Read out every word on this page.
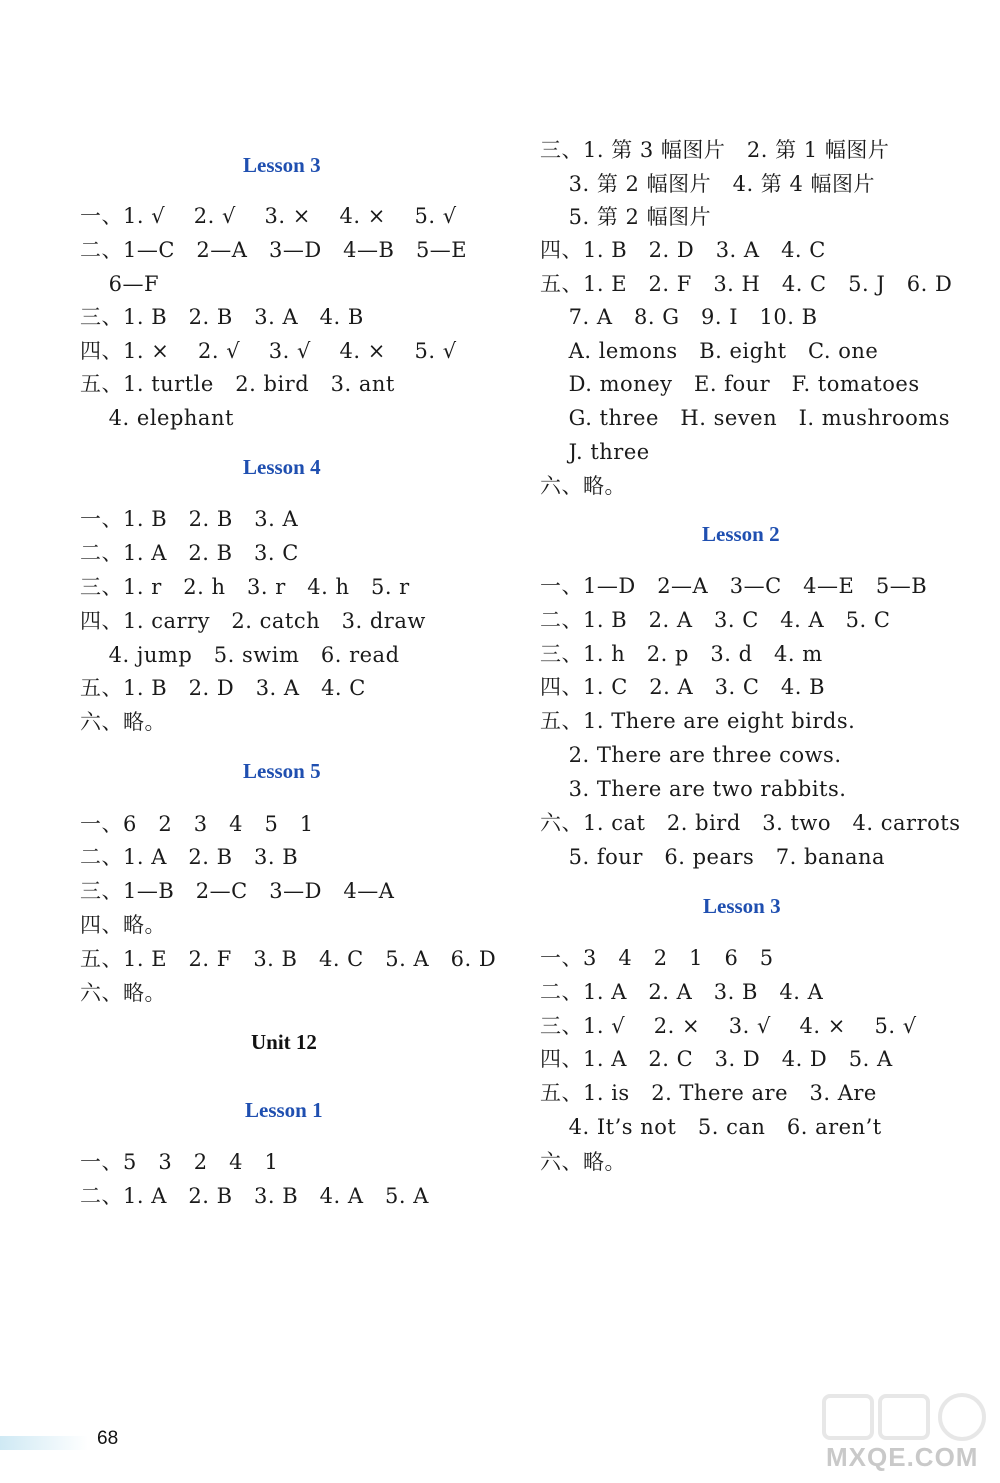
Lesson 3
一、1. √　 2. √　 3. ×　 4. ×　 5. √
二、1—C　2—A　3—D　4—B　5—E
　 6—F
三、1. B　2. B　3. A　4. B
四、1. ×　 2. √　 3. √　 4. ×　 5. √
五、1. turtle　2. bird　3. ant
　 4. elephant
Lesson 4
一、1. B　2. B　3. A
二、1. A　2. B　3. C
三、1. r　2. h　3. r　4. h　5. r
四、1. carry　2. catch　3. draw
　 4. jump　5. swim　6. read
五、1. B　2. D　3. A　4. C
六、略。
Lesson 5
一、6　2　3　4　5　1
二、1. A　2. B　3. B
三、1—B　2—C　3—D　4—A
四、略。
五、1. E　2. F　3. B　4. C　5. A　6. D
六、略。
Unit 12
Lesson 1
一、5　3　2　4　1
二、1. A　2. B　3. B　4. A　5. A
三、1. 第 3 幅图片　2. 第 1 幅图片
　 3. 第 2 幅图片　4. 第 4 幅图片
　 5. 第 2 幅图片
四、1. B　2. D　3. A　4. C
五、1. E　2. F　3. H　4. C　5. J　6. D
　 7. A　8. G　9. I　10. B
　 A. lemons　B. eight　C. one
　 D. money　E. four　F. tomatoes
　 G. three　H. seven　I. mushrooms
　 J. three
六、略。
Lesson 2
一、1—D　2—A　3—C　4—E　5—B
二、1. B　2. A　3. C　4. A　5. C
三、1. h　2. p　3. d　4. m
四、1. C　2. A　3. C　4. B
五、1. There are eight birds.
　 2. There are three cows.
　 3. There are two rabbits.
六、1. cat　2. bird　3. two　4. carrots
　 5. four　6. pears　7. banana
Lesson 3
一、3　4　2　1　6　5
二、1. A　2. A　3. B　4. A
三、1. √　 2. ×　 3. √　 4. ×　 5. √
四、1. A　2. C　3. D　4. D　5. A
五、1. is　2. There are　3. Are
　 4. It’s not　5. can　6. aren’t
六、略。
68
MXQE.COM
